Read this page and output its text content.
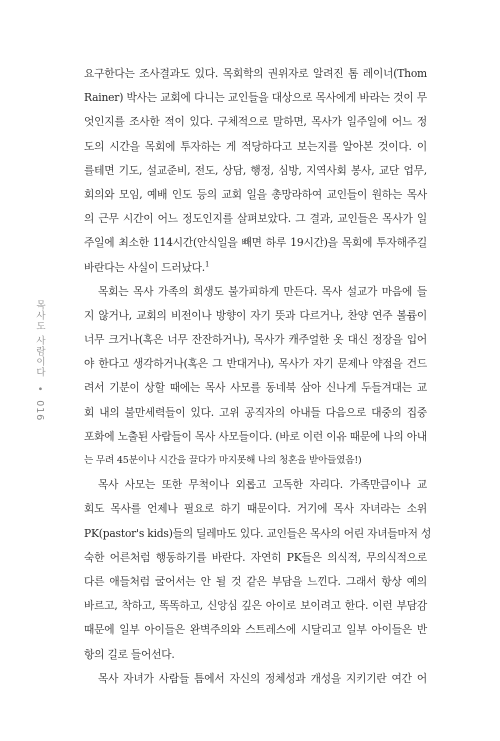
목사도 사람이다 • 016
요구한다는 조사결과도 있다. 목회학의 권위자로 알려진 톰 레이너(Thom
Rainer) 박사는 교회에 다니는 교인들을 대상으로 목사에게 바라는 것이 무
엇인지를 조사한 적이 있다. 구체적으로 말하면, 목사가 일주일에 어느 정
도의 시간을 목회에 투자하는 게 적당하다고 보는지를 알아본 것이다. 이
를테면 기도, 설교준비, 전도, 상담, 행정, 심방, 지역사회 봉사, 교단 업무,
회의와 모임, 예배 인도 등의 교회 일을 총망라하여 교인들이 원하는 목사
의 근무 시간이 어느 정도인지를 살펴보았다. 그 결과, 교인들은 목사가 일
주일에 최소한 114시간(안식일을 빼면 하루 19시간)을 목회에 투자해주길
바란다는 사실이 드러났다.$^1$
목회는 목사 가족의 희생도 불가피하게 만든다. 목사 설교가 마음에 들
지 않거나, 교회의 비전이나 방향이 자기 뜻과 다르거나, 찬양 연주 볼륨이
너무 크거나(혹은 너무 잔잔하거나), 목사가 캐주얼한 옷 대신 정장을 입어
야 한다고 생각하거나(혹은 그 반대거나), 목사가 자기 문제나 약점을 건드
려서 기분이 상할 때에는 목사 사모를 동네북 삼아 신나게 두들겨대는 교
회 내의 불만세력들이 있다. 고위 공직자의 아내들 다음으로 대중의 집중
포화에 노출된 사람들이 목사 사모들이다. (바로 이런 이유 때문에 나의 아내
는 무려 45분이나 시간을 끌다가 마지못해 나의 청혼을 받아들였음!)
목사 사모는 또한 무척이나 외롭고 고독한 자리다. 가족만큼이나 교
회도 목사를 언제나 필요로 하기 때문이다. 거기에 목사 자녀라는 소위
PK(pastor's kids)들의 딜레마도 있다. 교인들은 목사의 어린 자녀들마저 성
숙한 어른처럼 행동하기를 바란다. 자연히 PK들은 의식적, 무의식적으로
다른 애들처럼 굴어서는 안 될 것 같은 부담을 느낀다. 그래서 항상 예의
바르고, 착하고, 똑똑하고, 신앙심 깊은 아이로 보이려고 한다. 이런 부담감
때문에 일부 아이들은 완벽주의와 스트레스에 시달리고 일부 아이들은 반
항의 길로 들어선다.
목사 자녀가 사람들 틈에서 자신의 정체성과 개성을 지키기란 여간 어
